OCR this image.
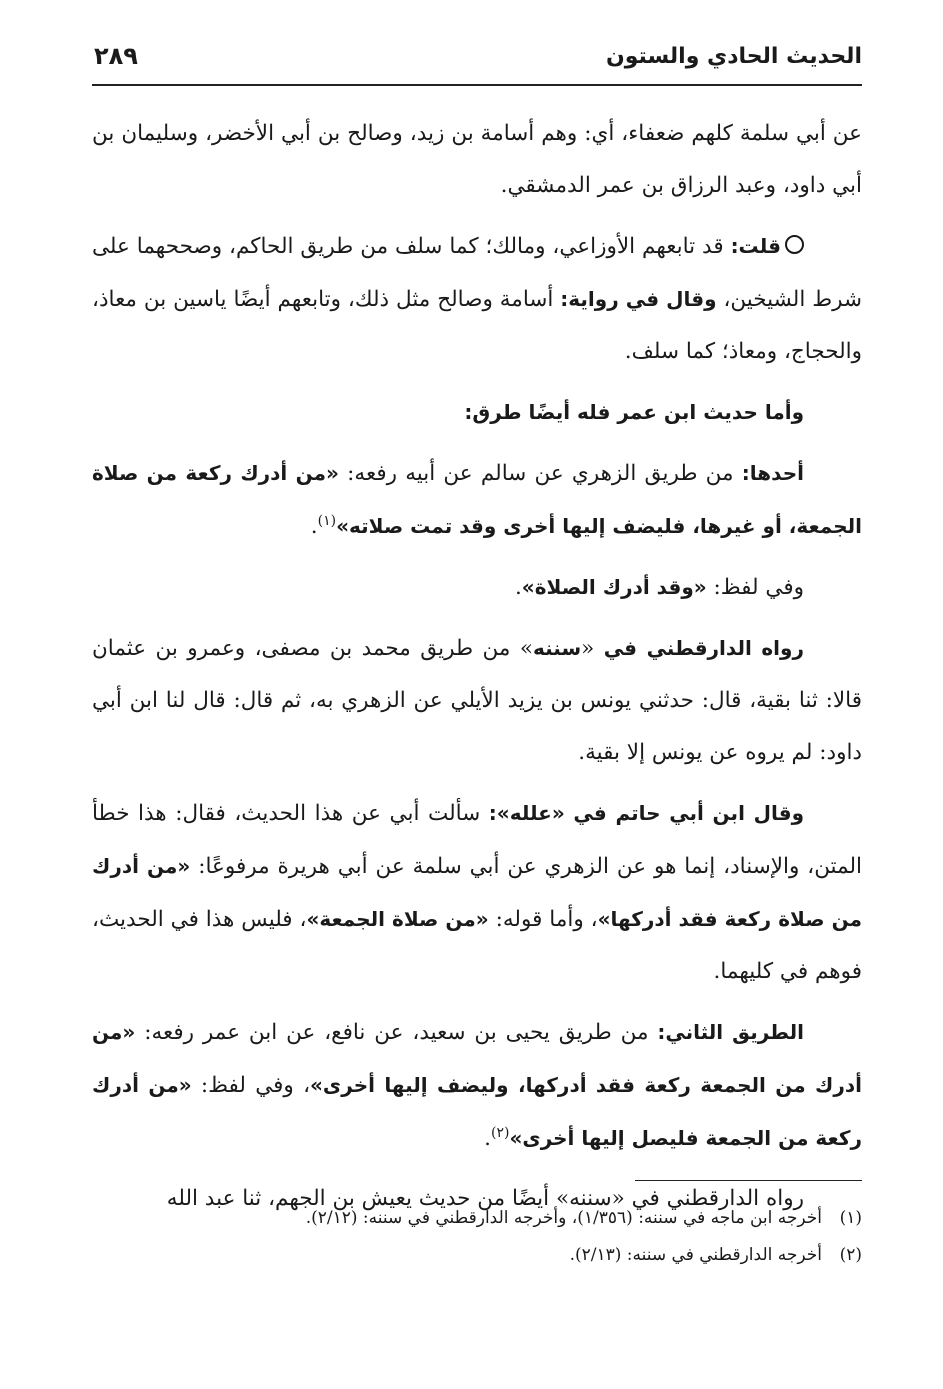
الحديث الحادي والستون
٢٨٩

عن أبي سلمة كلهم ضعفاء، أي: وهم أسامة بن زيد، وصالح بن أبي الأخضر، وسليمان بن أبي داود، وعبد الرزاق بن عمر الدمشقي.

قلت: قد تابعهم الأوزاعي، ومالك؛ كما سلف من طريق الحاكم، وصححهما على شرط الشيخين، وقال في رواية: أسامة وصالح مثل ذلك، وتابعهم أيضًا ياسين بن معاذ، والحجاج، ومعاذ؛ كما سلف.

وأما حديث ابن عمر فله أيضًا طرق:

أحدها: من طريق الزهري عن سالم عن أبيه رفعه: «من أدرك ركعة من صلاة الجمعة، أو غيرها، فليضف إليها أخرى وقد تمت صلاته»$^{(١)}$.

وفي لفظ: «وقد أدرك الصلاة».

رواه الدارقطني في «سننه» من طريق محمد بن مصفى، وعمرو بن عثمان قالا: ثنا بقية، قال: حدثني يونس بن يزيد الأيلي عن الزهري به، ثم قال: قال لنا ابن أبي داود: لم يروه عن يونس إلا بقية.

وقال ابن أبي حاتم في «علله»: سألت أبي عن هذا الحديث، فقال: هذا خطأ المتن، والإسناد، إنما هو عن الزهري عن أبي سلمة عن أبي هريرة مرفوعًا: «من أدرك من صلاة ركعة فقد أدركها»، وأما قوله: «من صلاة الجمعة»، فليس هذا في الحديث، فوهم في كليهما.

الطريق الثاني: من طريق يحيى بن سعيد، عن نافع، عن ابن عمر رفعه: «من أدرك من الجمعة ركعة فقد أدركها، وليضف إليها أخرى»، وفي لفظ: «من أدرك ركعة من الجمعة فليصل إليها أخرى»$^{(٢)}$.

رواه الدارقطني في «سننه» أيضًا من حديث يعيش بن الجهم، ثنا عبد الله

(١)أخرجه ابن ماجه في سننه: (١/٣٥٦)، وأخرجه الدارقطني في سننه: (٢/١٢).

(٢)أخرجه الدارقطني في سننه: (٢/١٣).
